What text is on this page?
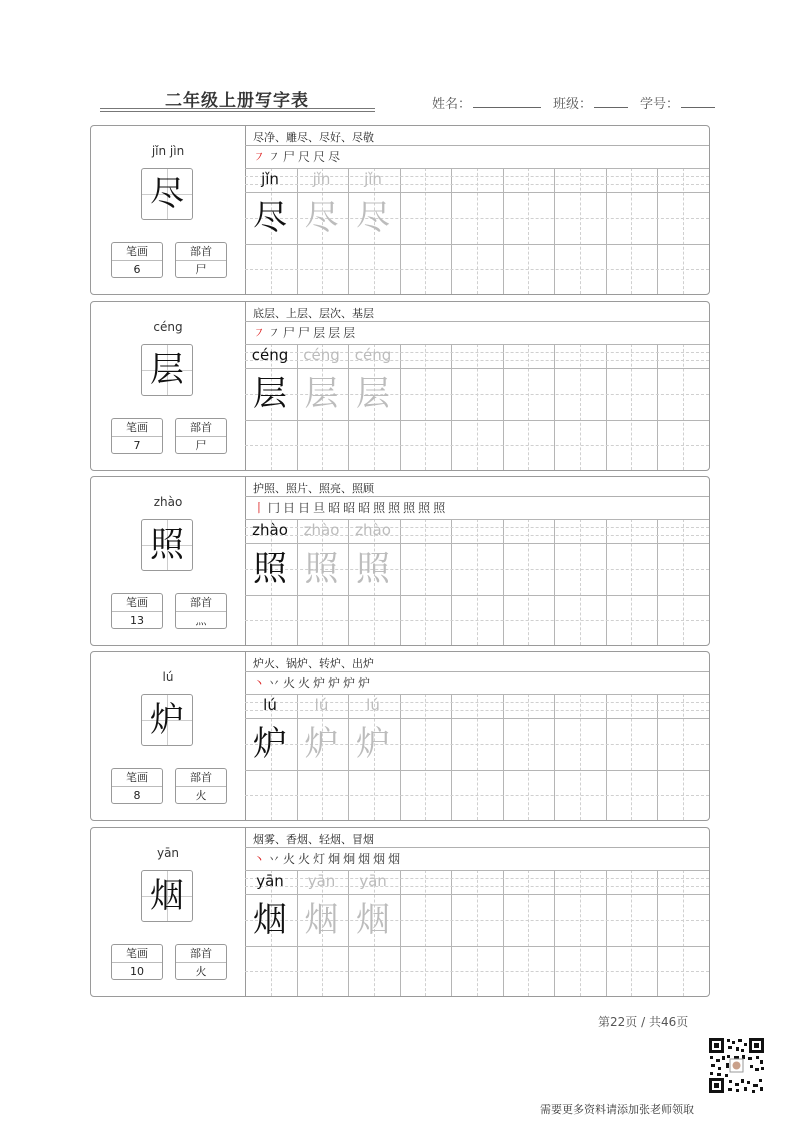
二年级上册写字表	姓名：	班级：	学号：
jǐn jìn
尽
笔画
6
部首
尸
尽净、雕尽、尽好、尽敬
㇇ ㇇ 尸 尺 尺 尽
jǐn
尽
jǐn
尽
jǐn
尽
céng
层
笔画
7
部首
尸
底层、上层、层次、基层
㇇ ㇇ 尸 尸 层 层 层
céng
层
céng
层
céng
层
zhào
照
笔画
13
部首
灬
护照、照片、照亮、照顾
丨 冂 日 日 旦 昭 昭 昭 照 照 照 照 照
zhào
照
zhào
照
zhào
照
lú
炉
笔画
8
部首
火
炉火、锅炉、转炉、出炉
丶 丷 火 火 炉 炉 炉 炉
lú
炉
lú
炉
lú
炉
yān
烟
笔画
10
部首
火
烟雾、香烟、轻烟、冒烟
丶 丷 火 火 灯 炯 炯 烟 烟 烟
yān
烟
yān
烟
yān
烟
第22页 / 共46页
需要更多资料请添加张老师领取
